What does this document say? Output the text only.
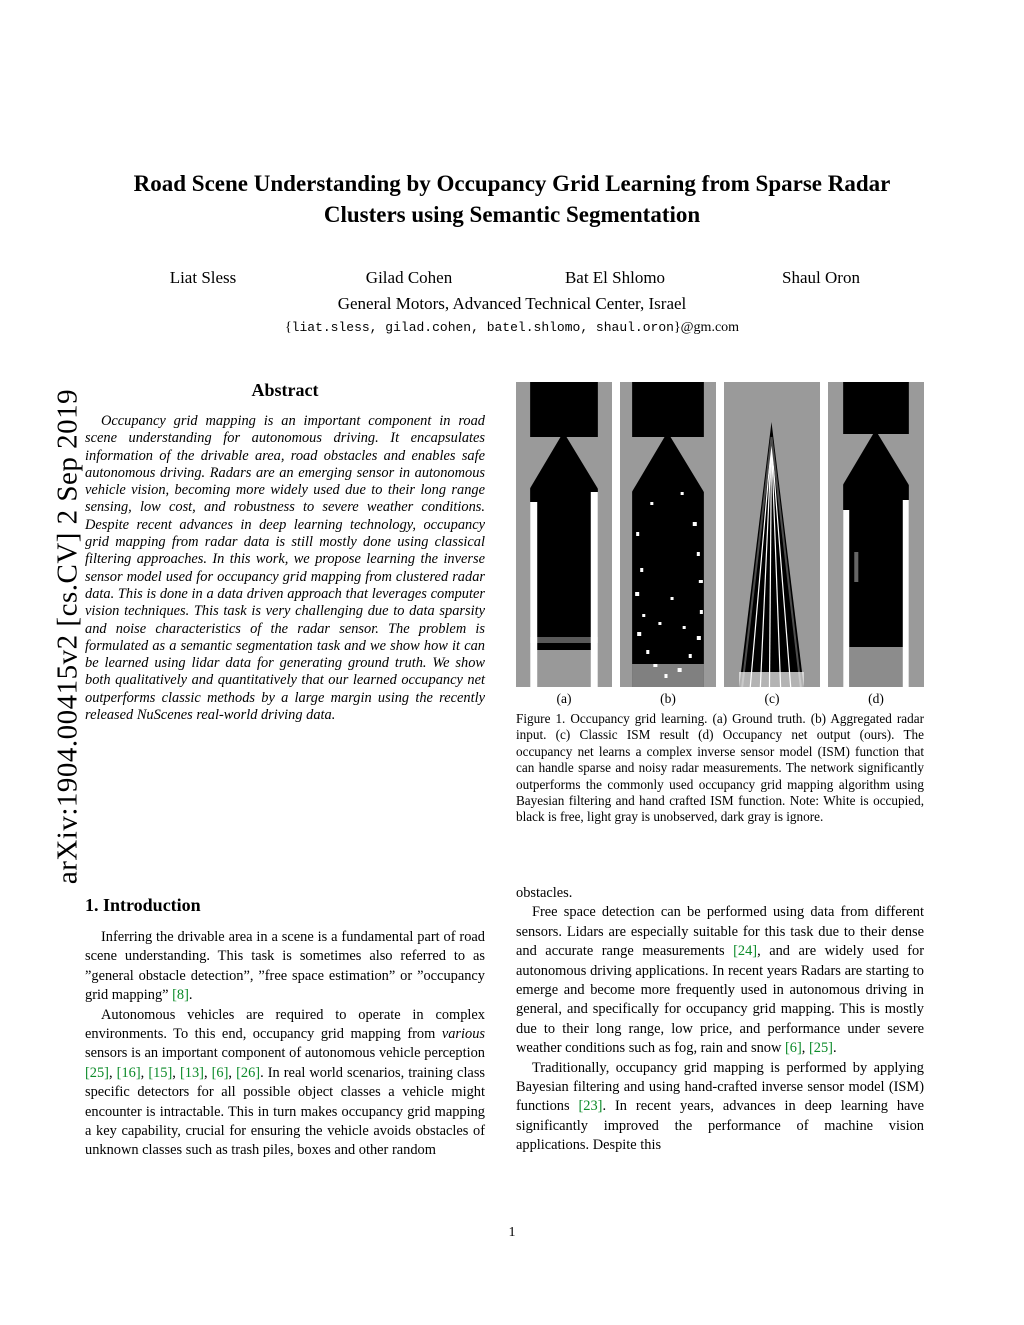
arXiv:1904.00415v2 [cs.CV] 2 Sep 2019
Road Scene Understanding by Occupancy Grid Learning from Sparse Radar Clusters using Semantic Segmentation
Liat Sless	Gilad Cohen	Bat El Shlomo	Shaul Oron
General Motors, Advanced Technical Center, Israel
{liat.sless, gilad.cohen, batel.shlomo, shaul.oron}@gm.com
Abstract
Occupancy grid mapping is an important component in road scene understanding for autonomous driving. It encapsulates information of the drivable area, road obstacles and enables safe autonomous driving. Radars are an emerging sensor in autonomous vehicle vision, becoming more widely used due to their long range sensing, low cost, and robustness to severe weather conditions. Despite recent advances in deep learning technology, occupancy grid mapping from radar data is still mostly done using classical filtering approaches. In this work, we propose learning the inverse sensor model used for occupancy grid mapping from clustered radar data. This is done in a data driven approach that leverages computer vision techniques. This task is very challenging due to data sparsity and noise characteristics of the radar sensor. The problem is formulated as a semantic segmentation task and we show how it can be learned using lidar data for generating ground truth. We show both qualitatively and quantitatively that our learned occupancy net outperforms classic methods by a large margin using the recently released NuScenes real-world driving data.
1. Introduction

Inferring the drivable area in a scene is a fundamental part of road scene understanding. This task is sometimes also referred to as ”general obstacle detection”, ”free space estimation” or ”occupancy grid mapping” [8].

Autonomous vehicles are required to operate in complex environments. To this end, occupancy grid mapping from various sensors is an important component of autonomous vehicle perception [25], [16], [15], [13], [6], [26]. In real world scenarios, training class specific detectors for all possible object classes a vehicle might encounter is intractable. This in turn makes occupancy grid mapping a key capability, crucial for ensuring the vehicle avoids obstacles of unknown classes such as trash piles, boxes and other random

(a)	(b)	(c)	(d)
Figure 1. Occupancy grid learning. (a) Ground truth. (b) Aggregated radar input. (c) Classic ISM result (d) Occupancy net output (ours). The occupancy net learns a complex inverse sensor model (ISM) function that can handle sparse and noisy radar measurements. The network significantly outperforms the commonly used occupancy grid mapping algorithm using Bayesian filtering and hand crafted ISM function. Note: White is occupied, black is free, light gray is unobserved, dark gray is ignore.

obstacles.

Free space detection can be performed using data from different sensors. Lidars are especially suitable for this task due to their dense and accurate range measurements [24], and are widely used for autonomous driving applications. In recent years Radars are starting to emerge and become more frequently used in autonomous driving in general, and specifically for occupancy grid mapping. This is mostly due to their long range, low price, and performance under severe weather conditions such as fog, rain and snow [6], [25].

Traditionally, occupancy grid mapping is performed by applying Bayesian filtering and using hand-crafted inverse sensor model (ISM) functions [23]. In recent years, advances in deep learning have significantly improved the performance of machine vision applications. Despite this

1
